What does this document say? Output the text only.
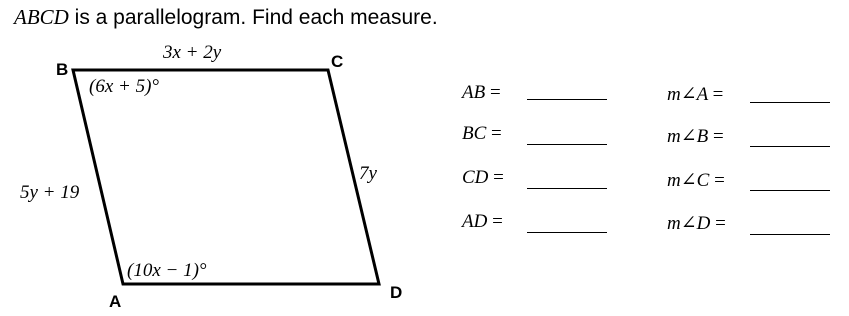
ABCD is a parallelogram. Find each measure.
B	C
A	D
3x + 2y
5y + 19
7y
(6x + 5)°
(10x − 1)°
AB =
BC =
CD =
AD =
m∠A =
m∠B =
m∠C =
m∠D =
